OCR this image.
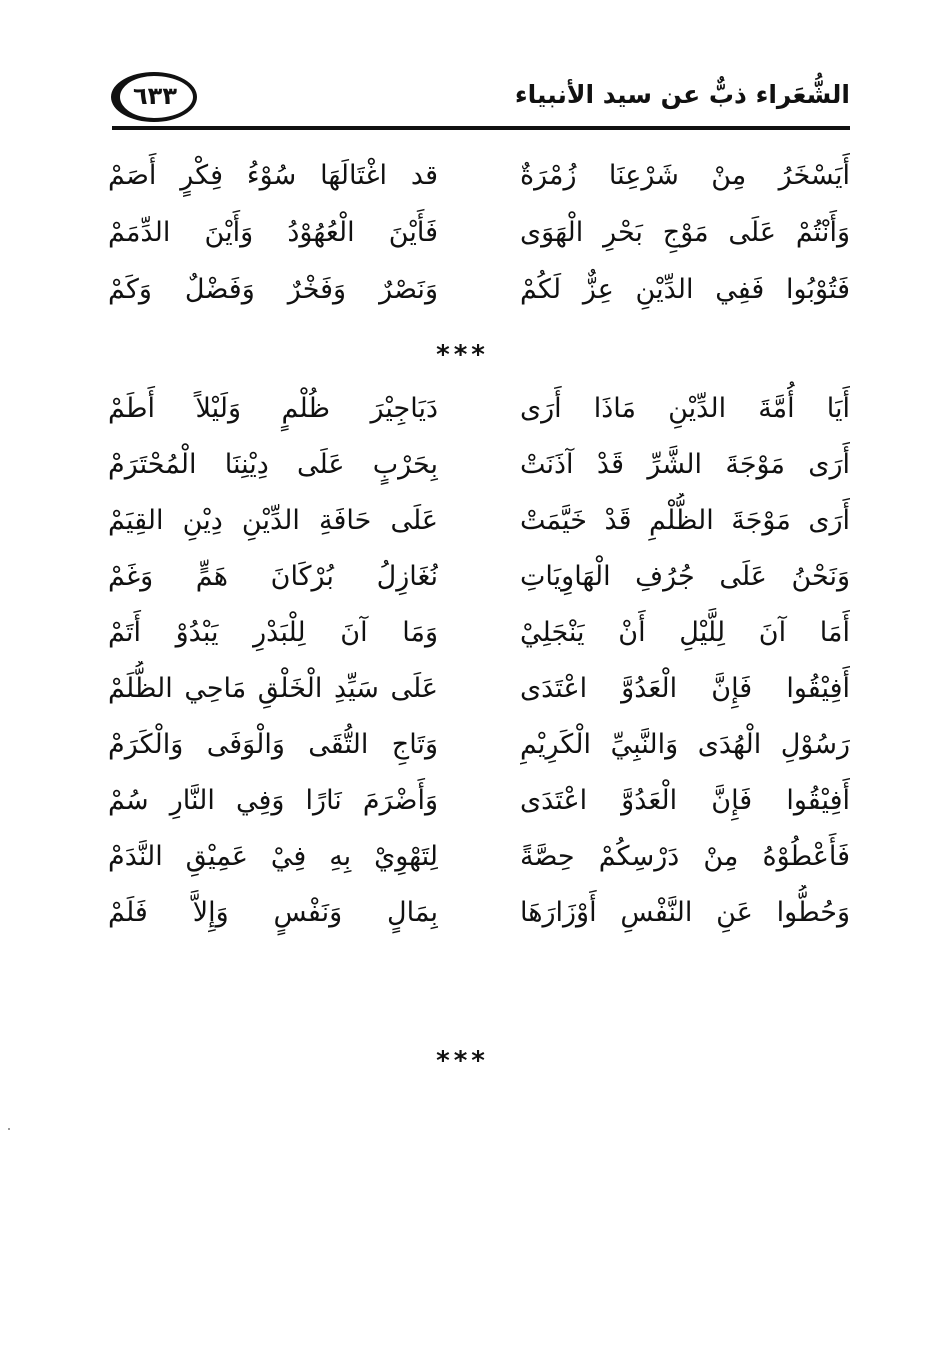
٦٣٣	الشُّعَراء ذبٌّ عن سيد الأنبياء
أَيَسْخَرُ مِنْ شَرْعِنَا زُمْرَةٌ
قد اغْتَالَهَا سُوْءُ فِكْرٍ أَصَمْ
وَأَنْتُمْ عَلَى مَوْجِ بَحْرِ الْهَوَى
فَأَيْنَ الْعُهُوْدُ وَأَيْنَ الدِّمَمْ
فَتُوْبُوا فَفِي الدِّيْنِ عِزٌّ لَكُمْ
وَنَصْرٌ وَفَخْرٌ وَفَضْلٌ وَكَمْ
***
أَيَا أُمَّةَ الدِّيْنِ مَاذَا أَرَى
دَيَاجِيْرَ ظُلْمٍ وَلَيْلاً أَطَمْ
أَرَى مَوْجَةَ الشَّرِّ قَدْ آذَنَتْ
بِحَرْبٍ عَلَى دِيْنِنَا الْمُحْتَرَمْ
أَرَى مَوْجَةَ الظُّلْمِ قَدْ خَيَّمَتْ
عَلَى حَافَةِ الدِّيْنِ دِيْنِ القِيَمْ
وَنَحْنُ عَلَى جُرُفِ الْهَاوِيَاتِ
نُغَازِلُ بُرْكَانَ هَمٍّ وَغَمْ
أَمَا آنَ لِلَّيْلِ أَنْ يَنْجَلِيْ
وَمَا آنَ لِلْبَدْرِ يَبْدُوْ أَتَمْ
أَفِيْقُوا فَإِنَّ الْعَدُوَّ اعْتَدَى
عَلَى سَيِّدِ الْخَلْقِ مَاحِي الظُّلَمْ
رَسُوْلِ الْهُدَى وَالنَّبِيِّ الْكَرِيْمِ
وَتَاجِ التُّقَى وَالْوَفَى وَالْكَرَمْ
أَفِيْقُوا فَإِنَّ الْعَدُوَّ اعْتَدَى
وَأَضْرَمَ نَارًا وَفِي النَّارِ سُمْ
فَأَعْطُوْهُ مِنْ دَرْسِكُمْ حِصَّةً
لِتَهْوِيْ بِهِ فِيْ عَمِيْقِ النَّدَمْ
وَحُطُّوا عَنِ النَّفْسِ أَوْزَارَهَا
بِمَالٍ وَنَفْسٍ وَإِلاَّ فَلَمْ
***
